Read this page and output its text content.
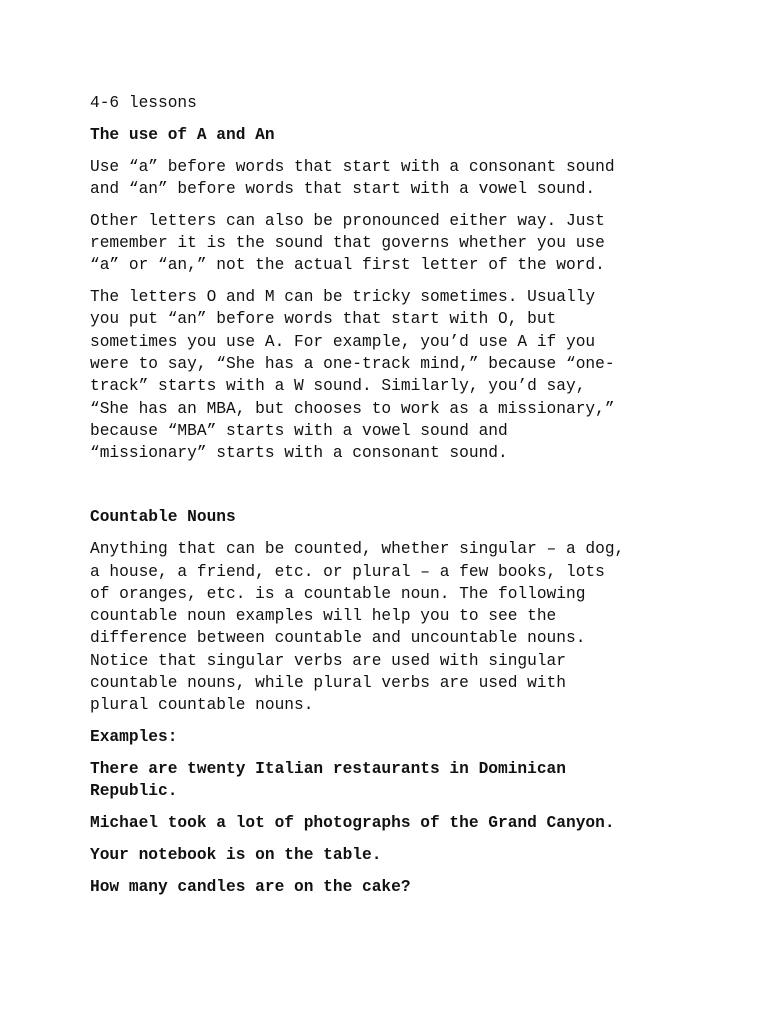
4-6 lessons

The use of A and An

Use “a” before words that start with a consonant sound
and “an” before words that start with a vowel sound.

Other letters can also be pronounced either way. Just
remember it is the sound that governs whether you use
“a” or “an,” not the actual first letter of the word.

The letters O and M can be tricky sometimes. Usually
you put “an” before words that start with O, but
sometimes you use A. For example, you’d use A if you
were to say, “She has a one-track mind,” because “one-
track” starts with a W sound. Similarly, you’d say,
“She has an MBA, but chooses to work as a missionary,”
because “MBA” starts with a vowel sound and
“missionary” starts with a consonant sound.

Countable Nouns

Anything that can be counted, whether singular – a dog,
a house, a friend, etc. or plural – a few books, lots
of oranges, etc. is a countable noun. The following
countable noun examples will help you to see the
difference between countable and uncountable nouns.
Notice that singular verbs are used with singular
countable nouns, while plural verbs are used with
plural countable nouns.

Examples:

There are twenty Italian restaurants in Dominican
Republic.

Michael took a lot of photographs of the Grand Canyon.

Your notebook is on the table.

How many candles are on the cake?
